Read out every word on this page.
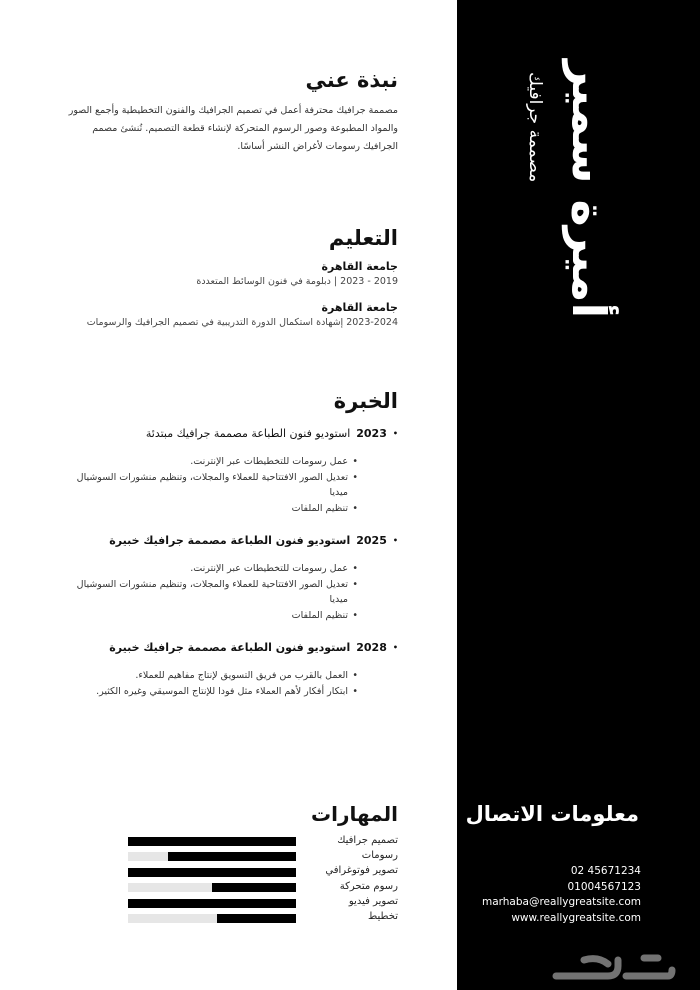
أميرة سمير
مصممة جرافيك
معلومات الاتصال
02 45671234
01004567123
marhaba@reallygreatsite.com
www.reallygreatsite.com
نبذة عني
مصممة جرافيك محترفة أعمل في تصميم الجرافيك والفنون التخطيطية وأجمع الصور والمواد المطبوعة وصور الرسوم المتحركة لإنشاء قطعة التصميم. تُنشئ مصمم الجرافيك رسومات لأغراض النشر أساسًا.
التعليم
جامعة القاهرة
2019 - 2023 | دبلومة في فنون الوسائط المتعددة
جامعة القاهرة
2023-2024 إشهادة استكمال الدورة التدريبية في تصميم الجرافيك والرسومات
الخبرة
•
2023
استوديو فنون الطباعة مصممة جرافيك مبتدئة
• عمل رسومات للتخطيطات عبر الإنترنت.
• تعديل الصور الافتتاحية للعملاء والمجلات، وتنظيم منشورات السوشيال ميديا
• تنظيم الملفات
•
2025
استوديو فنون الطباعة مصممة جرافيك خبيرة
• عمل رسومات للتخطيطات عبر الإنترنت.
• تعديل الصور الافتتاحية للعملاء والمجلات، وتنظيم منشورات السوشيال ميديا
• تنظيم الملفات
•
2028
استوديو فنون الطباعة مصممة جرافيك خبيرة
• العمل بالقرب من فريق التسويق لإنتاج مفاهيم للعملاء.
• ابتكار أفكار لأهم العملاء مثل فودا للإنتاج الموسيقي وغيره الكثير.
المهارات
تصميم جرافيك
رسومات
تصوير فوتوغرافي
رسوم متحركة
تصوير فيديو
تخطيط
